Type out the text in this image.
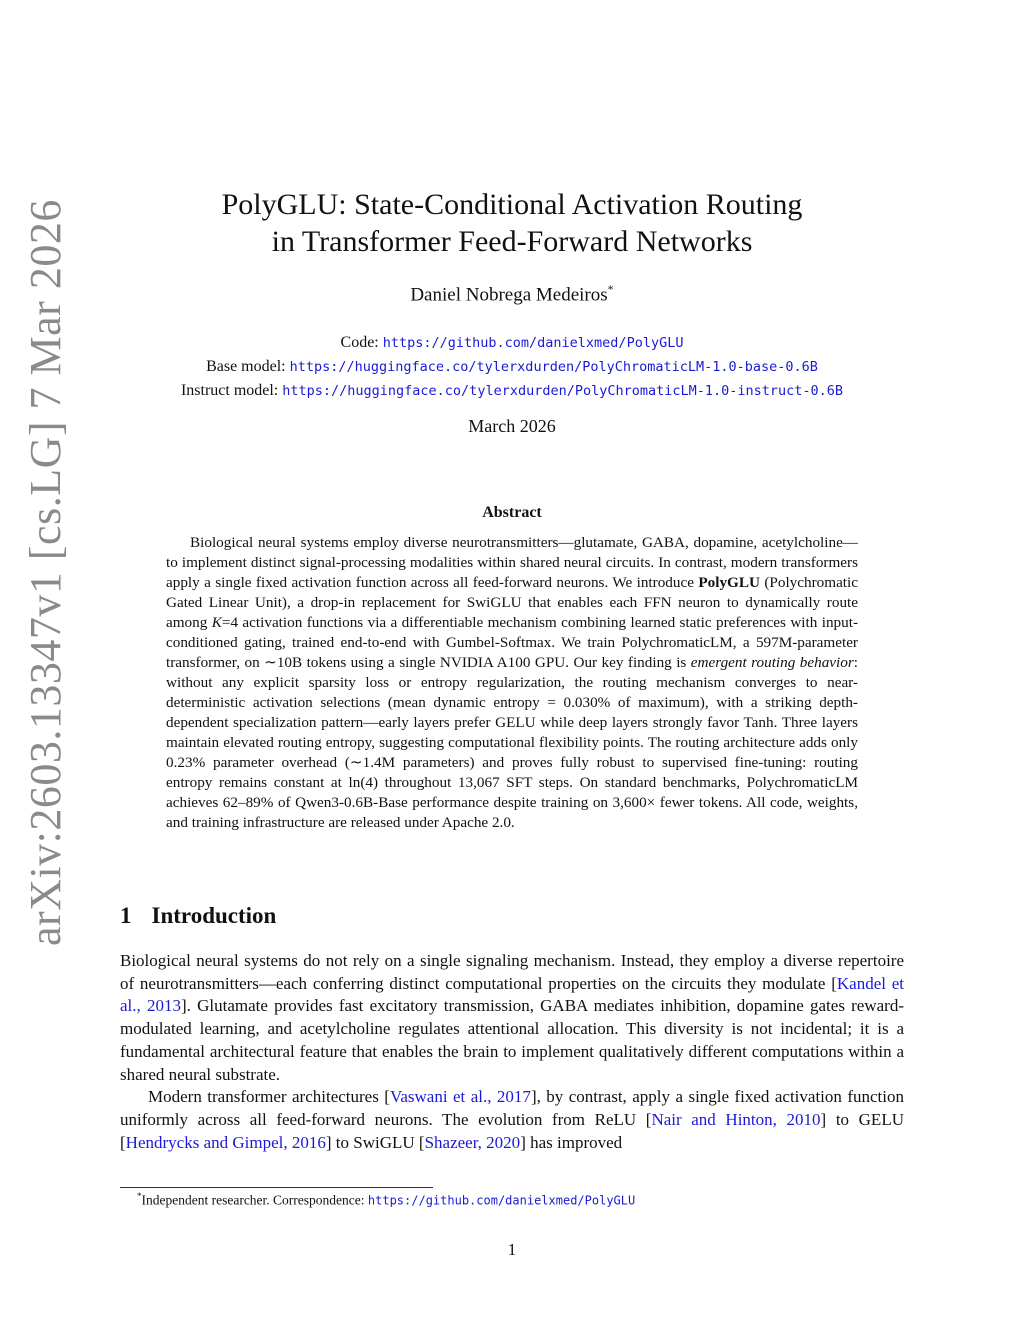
arXiv:2603.13347v1 [cs.LG] 7 Mar 2026	PolyGLU: State-Conditional Activation Routing
in Transformer Feed-Forward Networks
Daniel Nobrega Medeiros*
Code: https://github.com/danielxmed/PolyGLU
Base model: https://huggingface.co/tylerxdurden/PolyChromaticLM-1.0-base-0.6B
Instruct model: https://huggingface.co/tylerxdurden/PolyChromaticLM-1.0-instruct-0.6B
March 2026
Abstract

Biological neural systems employ diverse neurotransmitters—glutamate, GABA, dopamine, acetylcholine—to implement distinct signal-processing modalities within shared neural circuits. In contrast, modern transformers apply a single fixed activation function across all feed-forward neurons. We introduce PolyGLU (Polychromatic Gated Linear Unit), a drop-in replacement for SwiGLU that enables each FFN neuron to dynamically route among K=4 activation functions via a differentiable mechanism combining learned static preferences with input-conditioned gating, trained end-to-end with Gumbel-Softmax. We train PolychromaticLM, a 597M-parameter transformer, on ∼10B tokens using a single NVIDIA A100 GPU. Our key finding is emergent routing behavior: without any explicit sparsity loss or entropy regularization, the routing mechanism converges to near-deterministic activation selections (mean dynamic entropy = 0.030% of maximum), with a striking depth-dependent specialization pattern—early layers prefer GELU while deep layers strongly favor Tanh. Three layers maintain elevated routing entropy, suggesting computational flexibility points. The routing architecture adds only 0.23% parameter overhead (∼1.4M parameters) and proves fully robust to supervised fine-tuning: routing entropy remains constant at ln(4) throughout 13,067 SFT steps. On standard benchmarks, PolychromaticLM achieves 62–89% of Qwen3-0.6B-Base performance despite training on 3,600× fewer tokens. All code, weights, and training infrastructure are released under Apache 2.0.

1 Introduction

Biological neural systems do not rely on a single signaling mechanism. Instead, they employ a diverse repertoire of neurotransmitters—each conferring distinct computational properties on the circuits they modulate [Kandel et al., 2013]. Glutamate provides fast excitatory transmission, GABA mediates inhibition, dopamine gates reward-modulated learning, and acetylcholine regulates attentional allocation. This diversity is not incidental; it is a fundamental architectural feature that enables the brain to implement qualitatively different computations within a shared neural substrate.

Modern transformer architectures [Vaswani et al., 2017], by contrast, apply a single fixed activation function uniformly across all feed-forward neurons. The evolution from ReLU [Nair and Hinton, 2010] to GELU [Hendrycks and Gimpel, 2016] to SwiGLU [Shazeer, 2020] has improved

*Independent researcher. Correspondence: https://github.com/danielxmed/PolyGLU
1
